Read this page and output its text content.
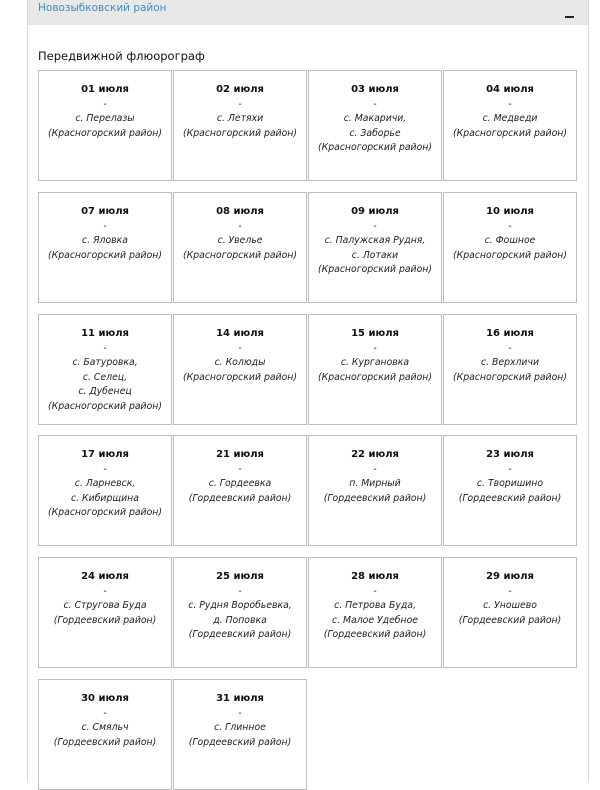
Новозыбковский район
Передвижной флюорограф
01 июля
-
с. Перелазы
(Красногорский район)
02 июля
-
с. Летяхи
(Красногорский район)
03 июля
-
с. Макаричи,
с. Заборье
(Красногорский район)
04 июля
-
с. Медведи
(Красногорский район)
07 июля
-
с. Яловка
(Красногорский район)
08 июля
-
с. Увелье
(Красногорский район)
09 июля
-
с. Палужская Рудня,
с. Лотаки
(Красногорский район)
10 июля
-
с. Фошное
(Красногорский район)
11 июля
-
с. Батуровка,
с. Селец,
с. Дубенец
(Красногорский район)
14 июля
-
с. Колюды
(Красногорский район)
15 июля
-
с. Кургановка
(Красногорский район)
16 июля
-
с. Верхличи
(Красногорский район)
17 июля
-
с. Ларневск,
с. Кибирщина
(Красногорский район)
21 июля
-
с. Гордеевка
(Гордеевский район)
22 июля
-
п. Мирный
(Гордеевский район)
23 июля
-
с. Творишино
(Гордеевский район)
24 июля
-
с. Стругова Буда
(Гордеевский район)
25 июля
-
с. Рудня Воробьевка,
д. Поповка
(Гордеевский район)
28 июля
-
с. Петрова Буда,
с. Малое Удебное
(Гордеевский район)
29 июля
-
с. Уношево
(Гордеевский район)
30 июля
-
с. Смяльч
(Гордеевский район)
31 июля
-
с. Глинное
(Гордеевский район)
